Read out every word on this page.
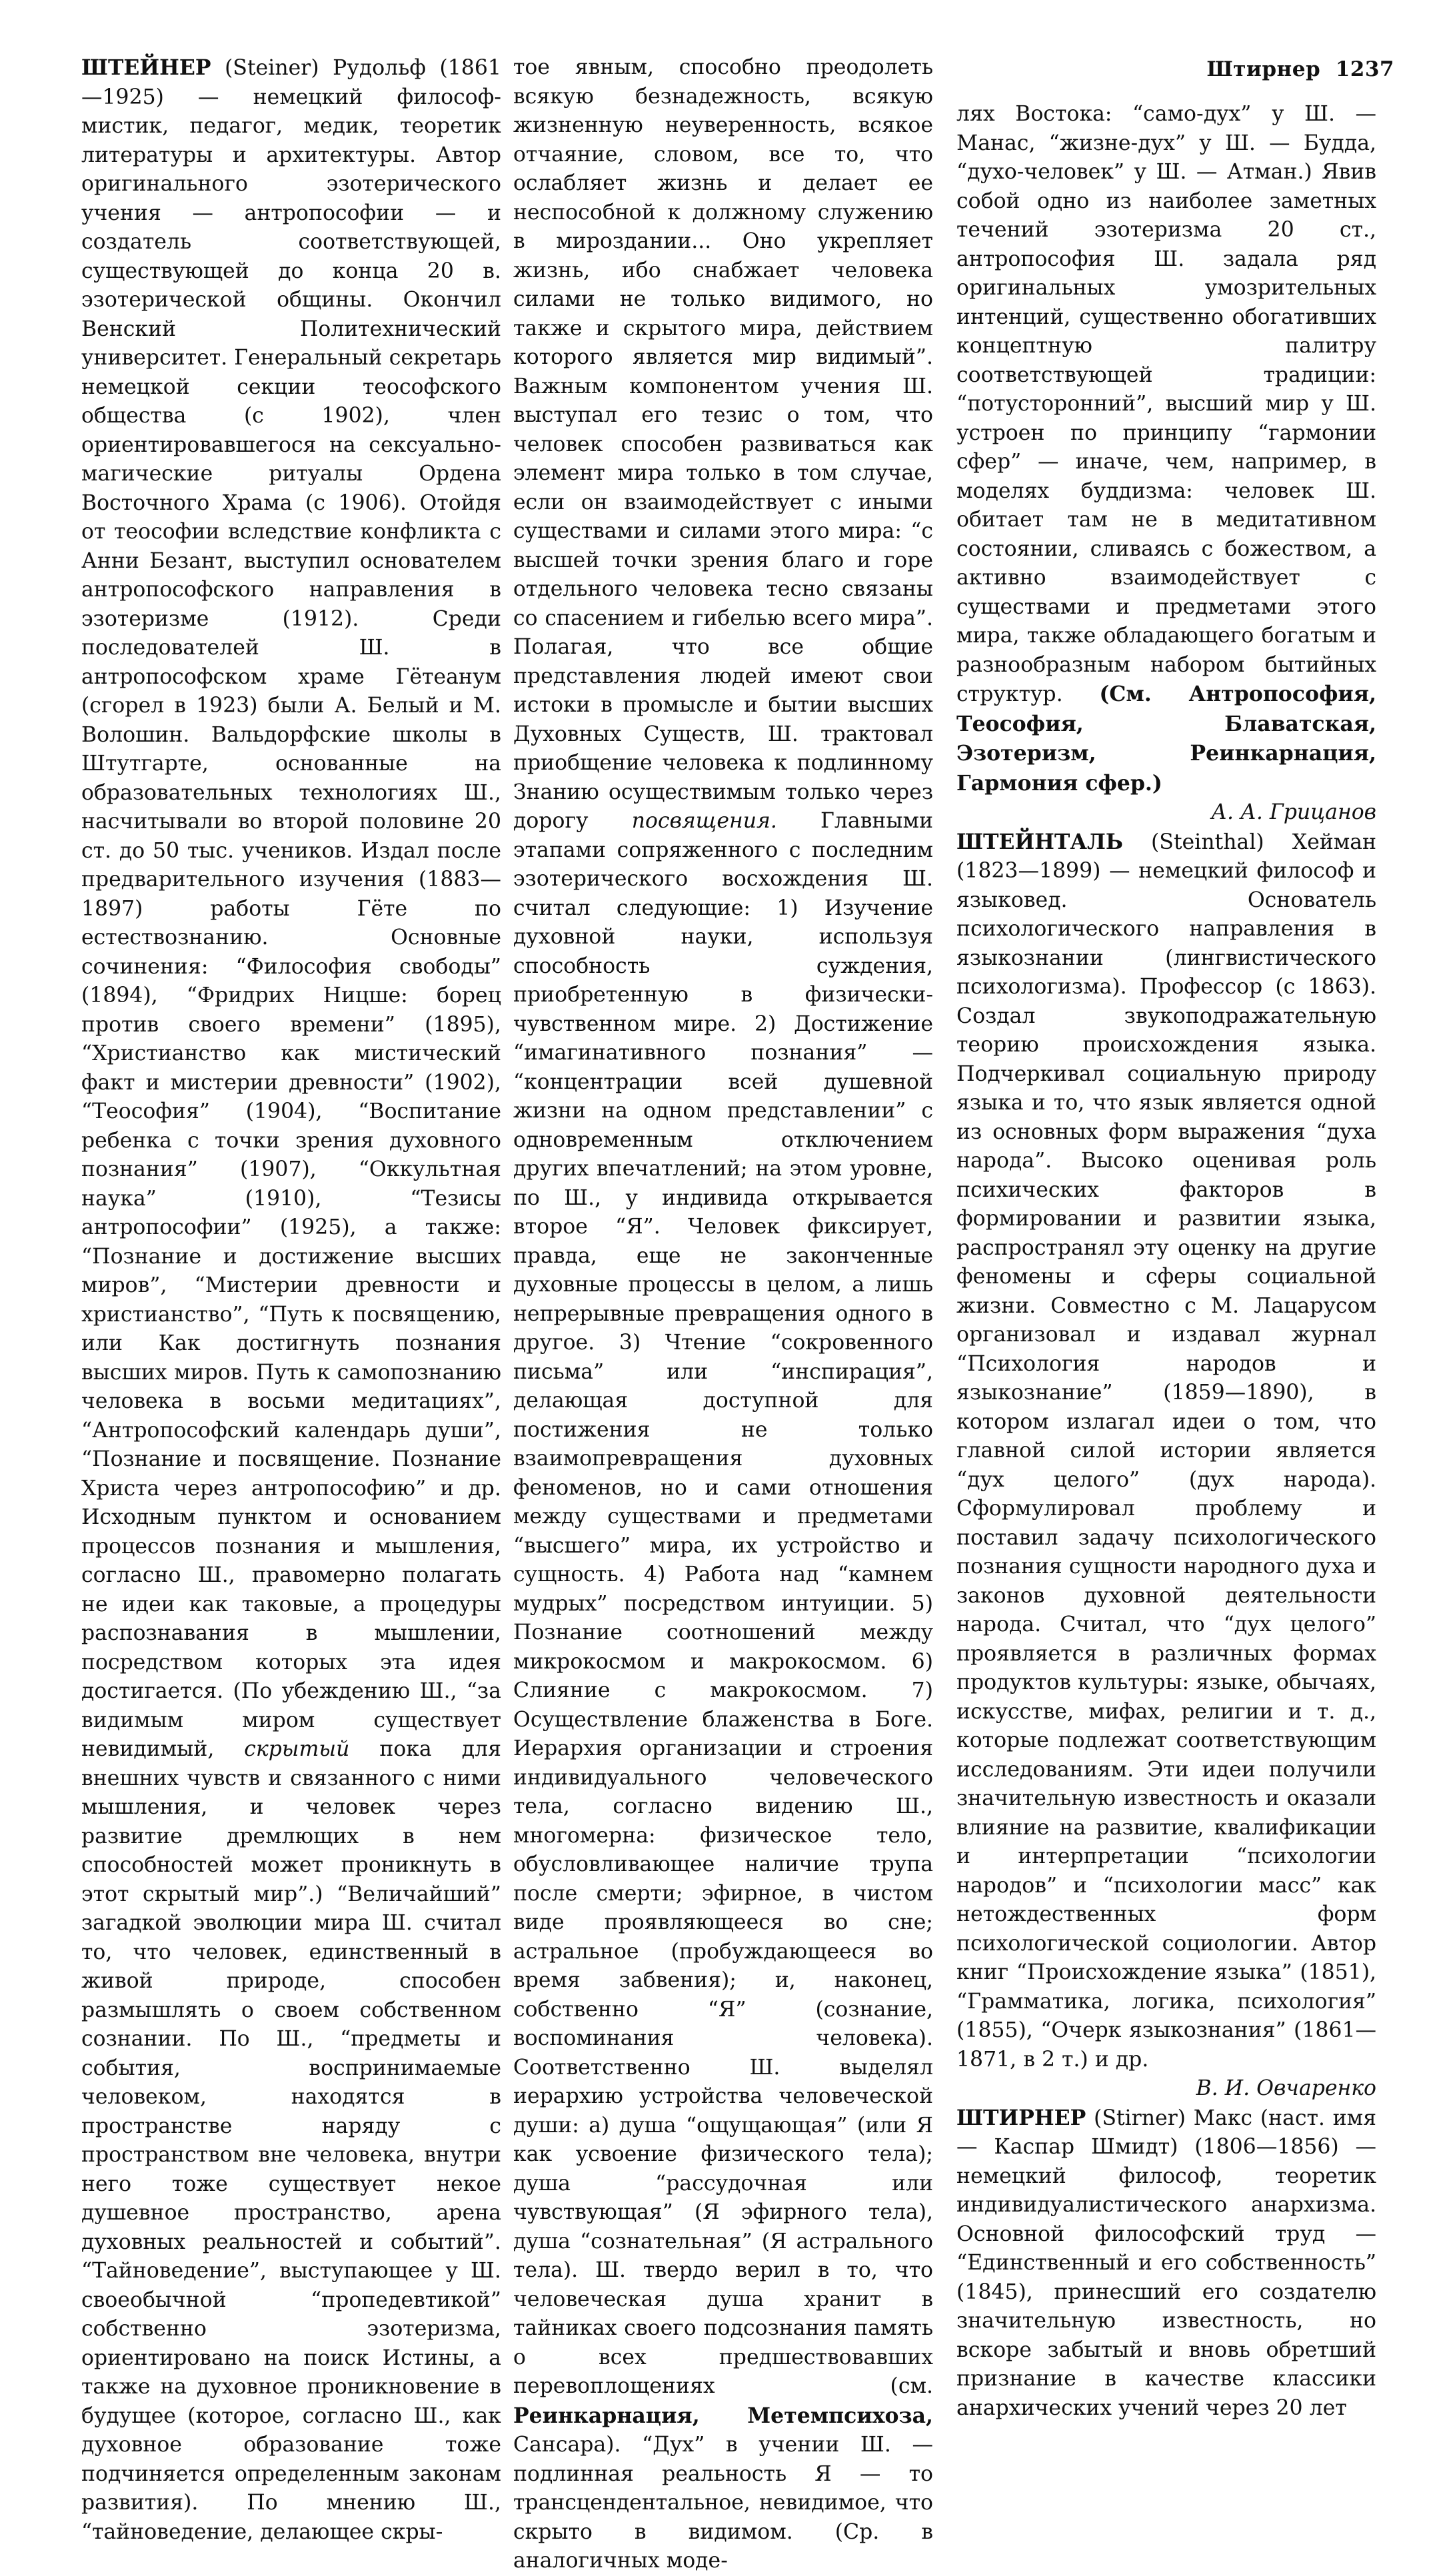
Штирнер 1237

ШТЕЙНЕР (Steiner) Рудольф (1861—1925) — немецкий философ-мистик, педагог, медик, теоретик литературы и архитектуры. Автор оригинального эзотерического учения — антропософии — и создатель соответствующей, существующей до конца 20 в. эзотерической общины. Окончил Венский Политехнический университет. Генеральный секретарь немецкой секции теософского общества (с 1902), член ориентировавшегося на сексуально-магические ритуалы Ордена Восточного Храма (с 1906). Отойдя от теософии вследствие конфликта с Анни Безант, выступил основателем антропософского направления в эзотеризме (1912). Среди последователей Ш. в антропософском храме Гётеанум (сгорел в 1923) были А. Белый и М. Волошин. Вальдорфские школы в Штутгарте, основанные на образовательных технологиях Ш., насчитывали во второй половине 20 ст. до 50 тыс. учеников. Издал после предварительного изучения (1883—1897) работы Гёте по естествознанию. Основные сочинения: “Философия свободы” (1894), “Фридрих Ницше: борец против своего времени” (1895), “Христианство как мистический факт и мистерии древности” (1902), “Теософия” (1904), “Воспитание ребенка с точки зрения духовного познания” (1907), “Оккультная наука” (1910), “Тезисы антропософии” (1925), а также: “Познание и достижение высших миров”, “Мистерии древности и христианство”, “Путь к посвящению, или Как достигнуть познания высших миров. Путь к самопознанию человека в восьми медитациях”, “Антропософский календарь души”, “Познание и посвящение. Познание Христа через антропософию” и др. Исходным пунктом и основанием процессов познания и мышления, согласно Ш., правомерно полагать не идеи как таковые, а процедуры распознавания в мышлении, посредством которых эта идея достигается. (По убеждению Ш., “за видимым миром существует невидимый, скрытый пока для внешних чувств и связанного с ними мышления, и человек через развитие дремлющих в нем способностей может проникнуть в этот скрытый мир”.) “Величайший” загадкой эволюции мира Ш. считал то, что человек, единственный в живой природе, способен размышлять о своем собственном сознании. По Ш., “предметы и события, воспринимаемые человеком, находятся в пространстве наряду с пространством вне человека, внутри него тоже существует некое душевное пространство, арена духовных реальностей и событий”. “Тайноведение”, выступающее у Ш. своеобычной “пропедевтикой” собственно эзотеризма, ориентировано на поиск Истины, а также на духовное проникновение в будущее (которое, согласно Ш., как духовное образование тоже подчиняется определенным законам развития). По мнению Ш., “тайноведение, делающее скры-

тое явным, способно преодолеть всякую безнадежность, всякую жизненную неуверенность, всякое отчаяние, словом, все то, что ослабляет жизнь и делает ее неспособной к должному служению в мироздании... Оно укрепляет жизнь, ибо снабжает человека силами не только видимого, но также и скрытого мира, действием которого является мир видимый”. Важным компонентом учения Ш. выступал его тезис о том, что человек способен развиваться как элемент мира только в том случае, если он взаимодействует с иными существами и силами этого мира: “с высшей точки зрения благо и горе отдельного человека тесно связаны со спасением и гибелью всего мира”. Полагая, что все общие представления людей имеют свои истоки в промысле и бытии высших Духовных Существ, Ш. трактовал приобщение человека к подлинному Знанию осуществимым только через дорогу посвящения. Главными этапами сопряженного с последним эзотерического восхождения Ш. считал следующие: 1) Изучение духовной науки, используя способность суждения, приобретенную в физически-чувственном мире. 2) Достижение “имагинативного познания” — “концентрации всей душевной жизни на одном представлении” с одновременным отключением других впечатлений; на этом уровне, по Ш., у индивида открывается второе “Я”. Человек фиксирует, правда, еще не законченные духовные процессы в целом, а лишь непрерывные превращения одного в другое. 3) Чтение “сокровенного письма” или “инспирация”, делающая доступной для постижения не только взаимопревращения духовных феноменов, но и сами отношения между существами и предметами “высшего” мира, их устройство и сущность. 4) Работа над “камнем мудрых” посредством интуиции. 5) Познание соотношений между микрокосмом и макрокосмом. 6) Слияние с макрокосмом. 7) Осуществление блаженства в Боге. Иерархия организации и строения индивидуального человеческого тела, согласно видению Ш., многомерна: физическое тело, обусловливающее наличие трупа после смерти; эфирное, в чистом виде проявляющееся во сне; астральное (пробуждающееся во время забвения); и, наконец, собственно “Я” (сознание, воспоминания человека). Соответственно Ш. выделял иерархию устройства человеческой души: а) душа “ощущающая” (или Я как усвоение физического тела); душа “рассудочная или чувствующая” (Я эфирного тела), душа “сознательная” (Я астрального тела). Ш. твердо верил в то, что человеческая душа хранит в тайниках своего подсознания память о всех предшествовавших перевоплощениях (см. Реинкарнация, Метемпсихоза, Сансара). “Дух” в учении Ш. — подлинная реальность Я — то трансцендентальное, невидимое, что скрыто в видимом. (Ср. в аналогичных моде-

лях Востока: “само-дух” у Ш. — Манас, “жизне-дух” у Ш. — Будда, “духо-человек” у Ш. — Атман.) Явив собой одно из наиболее заметных течений эзотеризма 20 ст., антропософия Ш. задала ряд оригинальных умозрительных интенций, существенно обогативших концептную палитру соответствующей традиции: “потусторонний”, высший мир у Ш. устроен по принципу “гармонии сфер” — иначе, чем, например, в моделях буддизма: человек Ш. обитает там не в медитативном состоянии, сливаясь с божеством, а активно взаимодействует с существами и предметами этого мира, также обладающего богатым и разнообразным набором бытийных структур. (См. Антропософия, Теософия, Блаватская, Эзотеризм, Реинкарнация, Гармония сфер.)

А. А. Грицанов

ШТЕЙНТАЛЬ (Steinthal) Хейман (1823—1899) — немецкий философ и языковед. Основатель психологического направления в языкознании (лингвистического психологизма). Профессор (с 1863). Создал звукоподражательную теорию происхождения языка. Подчеркивал социальную природу языка и то, что язык является одной из основных форм выражения “духа народа”. Высоко оценивая роль психических факторов в формировании и развитии языка, распространял эту оценку на другие феномены и сферы социальной жизни. Совместно с М. Лацарусом организовал и издавал журнал “Психология народов и языкознание” (1859—1890), в котором излагал идеи о том, что главной силой истории является “дух целого” (дух народа). Сформулировал проблему и поставил задачу психологического познания сущности народного духа и законов духовной деятельности народа. Считал, что “дух целого” проявляется в различных формах продуктов культуры: языке, обычаях, искусстве, мифах, религии и т. д., которые подлежат соответствующим исследованиям. Эти идеи получили значительную известность и оказали влияние на развитие, квалификации и интерпретации “психологии народов” и “психологии масс” как нетождественных форм психологической социологии. Автор книг “Происхождение языка” (1851), “Грамматика, логика, психология” (1855), “Очерк языкознания” (1861—1871, в 2 т.) и др.

В. И. Овчаренко

ШТИРНЕР (Stirner) Макс (наст. имя — Каспар Шмидт) (1806—1856) — немецкий философ, теоретик индивидуалистического анархизма. Основной философский труд — “Единственный и его собственность” (1845), принесший его создателю значительную известность, но вскоре забытый и вновь обретший признание в качестве классики анархических учений через 20 лет
